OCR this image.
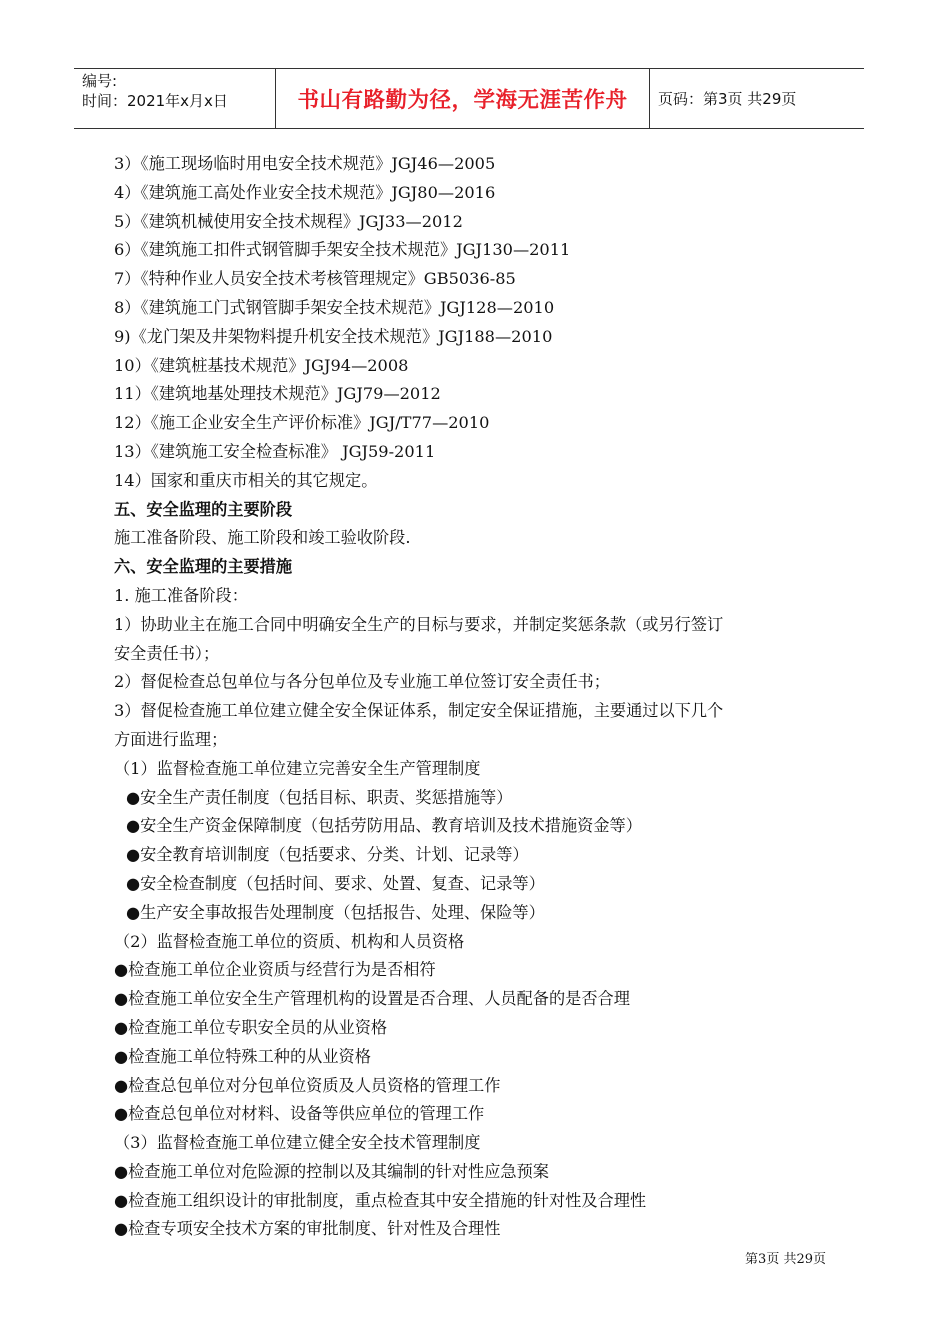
编号:
时间：2021年x月x日	书山有路勤为径，学海无涯苦作舟	页码：第3页 共29页
3）《施工现场临时用电安全技术规范》JGJ46—2005
4）《建筑施工高处作业安全技术规范》JGJ80—2016
5）《建筑机械使用安全技术规程》JGJ33—2012
6）《建筑施工扣件式钢管脚手架安全技术规范》JGJ130—2011
7）《特种作业人员安全技术考核管理规定》GB5036-85
8）《建筑施工门式钢管脚手架安全技术规范》JGJ128—2010
9)《龙门架及井架物料提升机安全技术规范》JGJ188—2010
10）《建筑桩基技术规范》JGJ94—2008
11）《建筑地基处理技术规范》JGJ79—2012
12）《施工企业安全生产评价标准》JGJ/T77—2010
13）《建筑施工安全检查标准》 JGJ59-2011
14）国家和重庆市相关的其它规定。
五、安全监理的主要阶段
施工准备阶段、施工阶段和竣工验收阶段.
六、安全监理的主要措施
1. 施工准备阶段：
1）协助业主在施工合同中明确安全生产的目标与要求，并制定奖惩条款（或另行签订
安全责任书）；
2）督促检查总包单位与各分包单位及专业施工单位签订安全责任书；
3）督促检查施工单位建立健全安全保证体系，制定安全保证措施，主要通过以下几个
方面进行监理；
（1）监督检查施工单位建立完善安全生产管理制度
●安全生产责任制度（包括目标、职责、奖惩措施等）
●安全生产资金保障制度（包括劳防用品、教育培训及技术措施资金等）
●安全教育培训制度（包括要求、分类、计划、记录等）
●安全检查制度（包括时间、要求、处置、复查、记录等）
●生产安全事故报告处理制度（包括报告、处理、保险等）
（2）监督检查施工单位的资质、机构和人员资格
●检查施工单位企业资质与经营行为是否相符
●检查施工单位安全生产管理机构的设置是否合理、人员配备的是否合理
●检查施工单位专职安全员的从业资格
●检查施工单位特殊工种的从业资格
●检查总包单位对分包单位资质及人员资格的管理工作
●检查总包单位对材料、设备等供应单位的管理工作
（3）监督检查施工单位建立健全安全技术管理制度
●检查施工单位对危险源的控制以及其编制的针对性应急预案
●检查施工组织设计的审批制度，重点检查其中安全措施的针对性及合理性
●检查专项安全技术方案的审批制度、针对性及合理性
第3页 共29页
